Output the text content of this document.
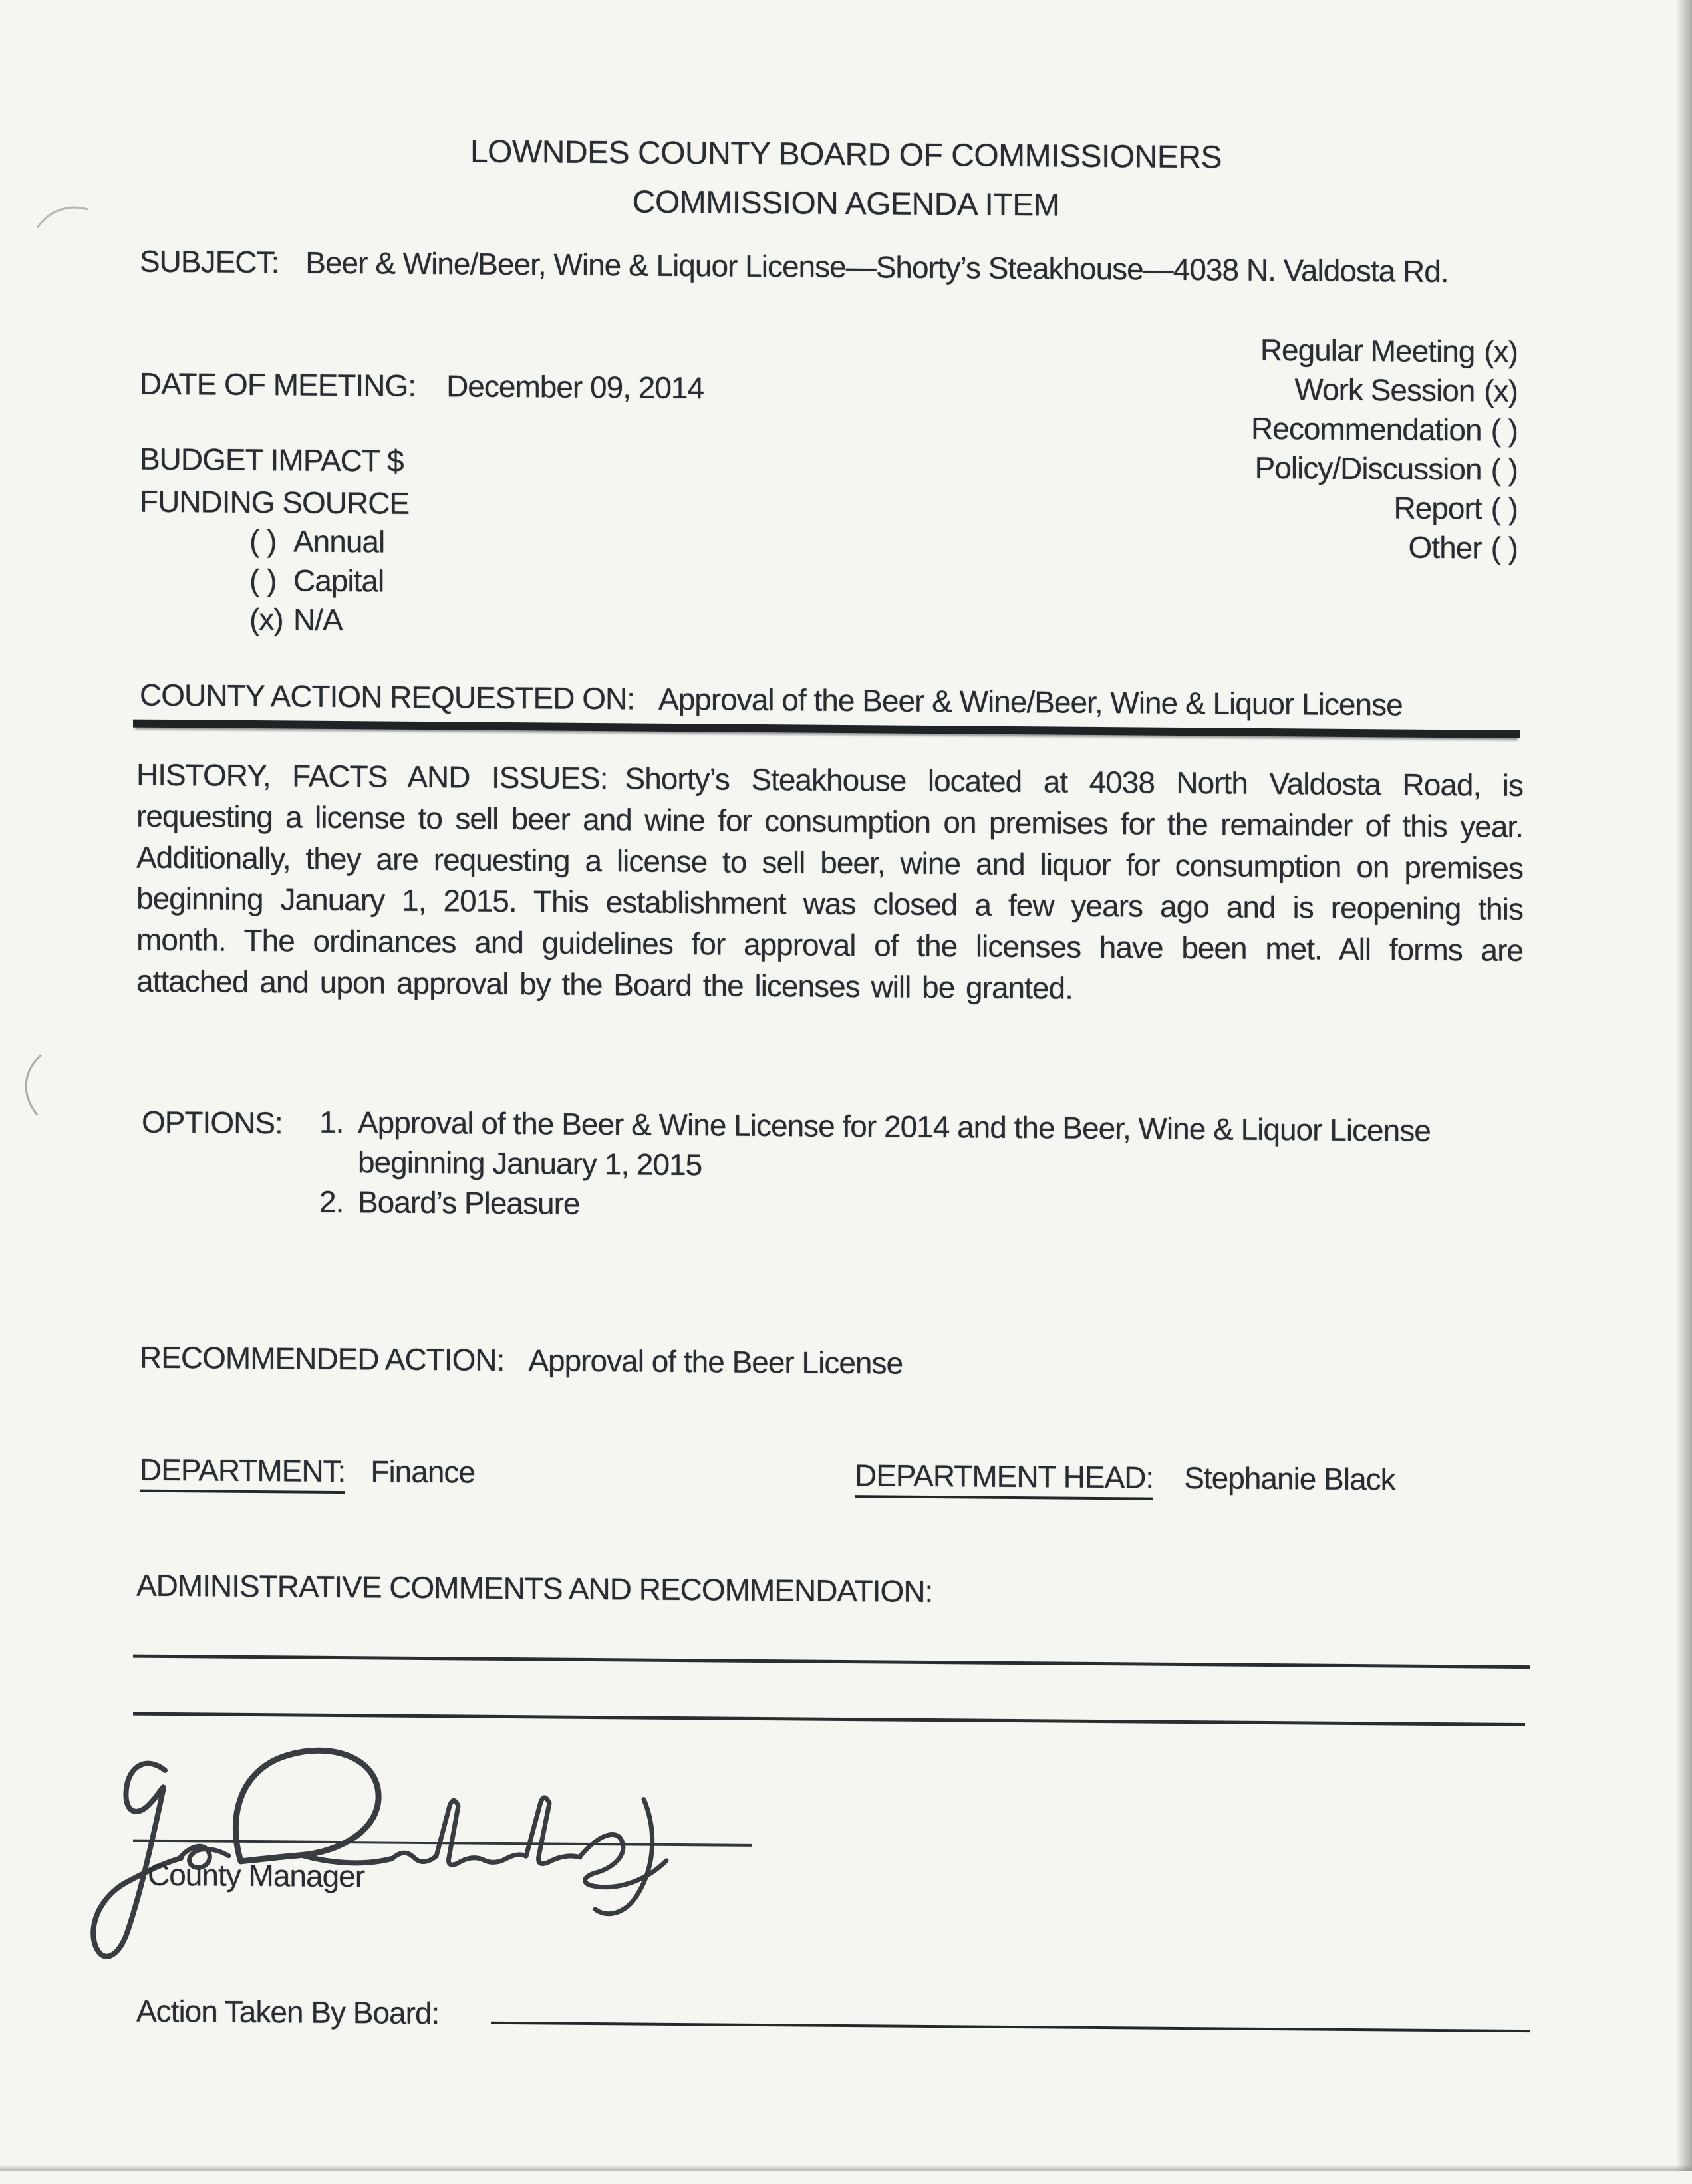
LOWNDES COUNTY BOARD OF COMMISSIONERS
COMMISSION AGENDA ITEM
SUBJECT: Beer & Wine/Beer, Wine & Liquor License—Shorty’s Steakhouse—4038 N. Valdosta Rd.
Regular Meeting (x)
Work Session (x)
Recommendation ( )
Policy/Discussion ( )
Report ( )
Other ( )
DATE OF MEETING: December 09, 2014
BUDGET IMPACT $
FUNDING SOURCE
( ) Annual
( ) Capital
(x) N/A
COUNTY ACTION REQUESTED ON: Approval of the Beer & Wine/Beer, Wine & Liquor License
HISTORY, FACTS AND ISSUES: Shorty’s Steakhouse located at 4038 North Valdosta Road, is requesting a license to sell beer and wine for consumption on premises for the remainder of this year. Additionally, they are requesting a license to sell beer, wine and liquor for consumption on premises beginning January 1, 2015. This establishment was closed a few years ago and is reopening this month. The ordinances and guidelines for approval of the licenses have been met. All forms are attached and upon approval by the Board the licenses will be granted.
OPTIONS: 1. Approval of the Beer & Wine License for 2014 and the Beer, Wine & Liquor License beginning January 1, 2015
2. Board’s Pleasure
RECOMMENDED ACTION: Approval of the Beer License
DEPARTMENT: Finance	DEPARTMENT HEAD: Stephanie Black
ADMINISTRATIVE COMMENTS AND RECOMMENDATION:
County Manager
Action Taken By Board:
